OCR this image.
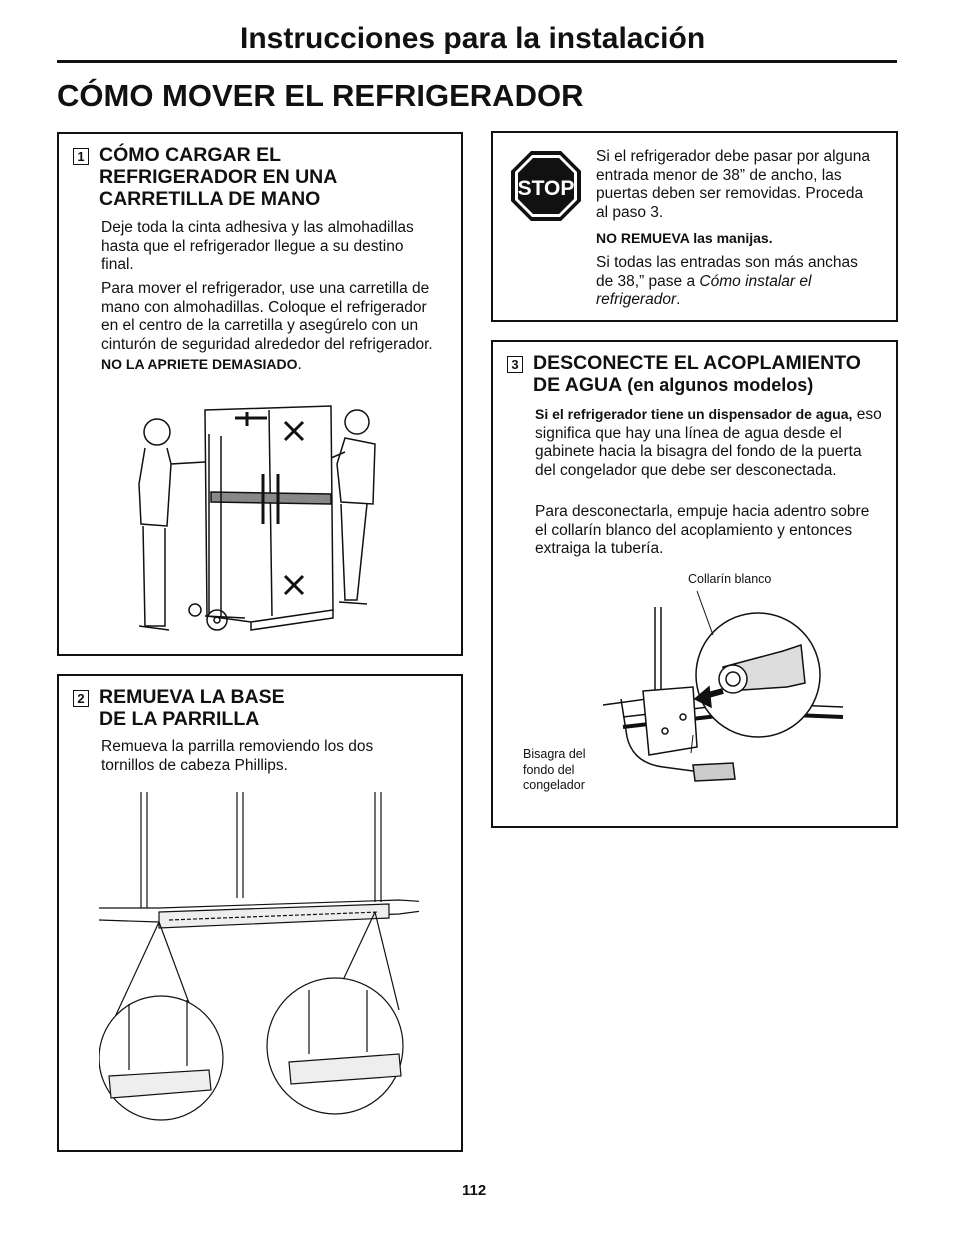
Instrucciones para la instalación
CÓMO MOVER EL REFRIGERADOR
1 CÓMO CARGAR EL
REFRIGERADOR EN UNA
CARRETILLA DE MANO

Deje toda la cinta adhesiva y las almohadillas hasta que el refrigerador llegue a su destino final.

Para mover el refrigerador, use una carretilla de mano con almohadillas. Coloque el refrigerador en el centro de la carretilla y asegúrelo con un cinturón de seguridad alrededor del refrigerador. NO LA APRIETE DEMASIADO.

STOP

Si el refrigerador debe pasar por alguna entrada menor de 38” de ancho, las puertas deben ser removidas. Proceda al paso 3.

NO REMUEVA las manijas.

Si todas las entradas son más anchas de 38,” pase a Cómo instalar el refrigerador.

3 DESCONECTE EL ACOPLAMIENTO
DE AGUA (en algunos modelos)

Si el refrigerador tiene un dispensador de agua, eso significa que hay una línea de agua desde el gabinete hacia la bisagra del fondo de la puerta del congelador que debe ser desconectada.

Para desconectarla, empuje hacia adentro sobre el collarín blanco del acoplamiento y entonces extraiga la tubería.

Collarín blanco
Bisagra del
fondo del
congelador
2 REMUEVA LA BASE
DE LA PARRILLA

Remueva la parrilla removiendo los dos tornillos de cabeza Phillips.

112
